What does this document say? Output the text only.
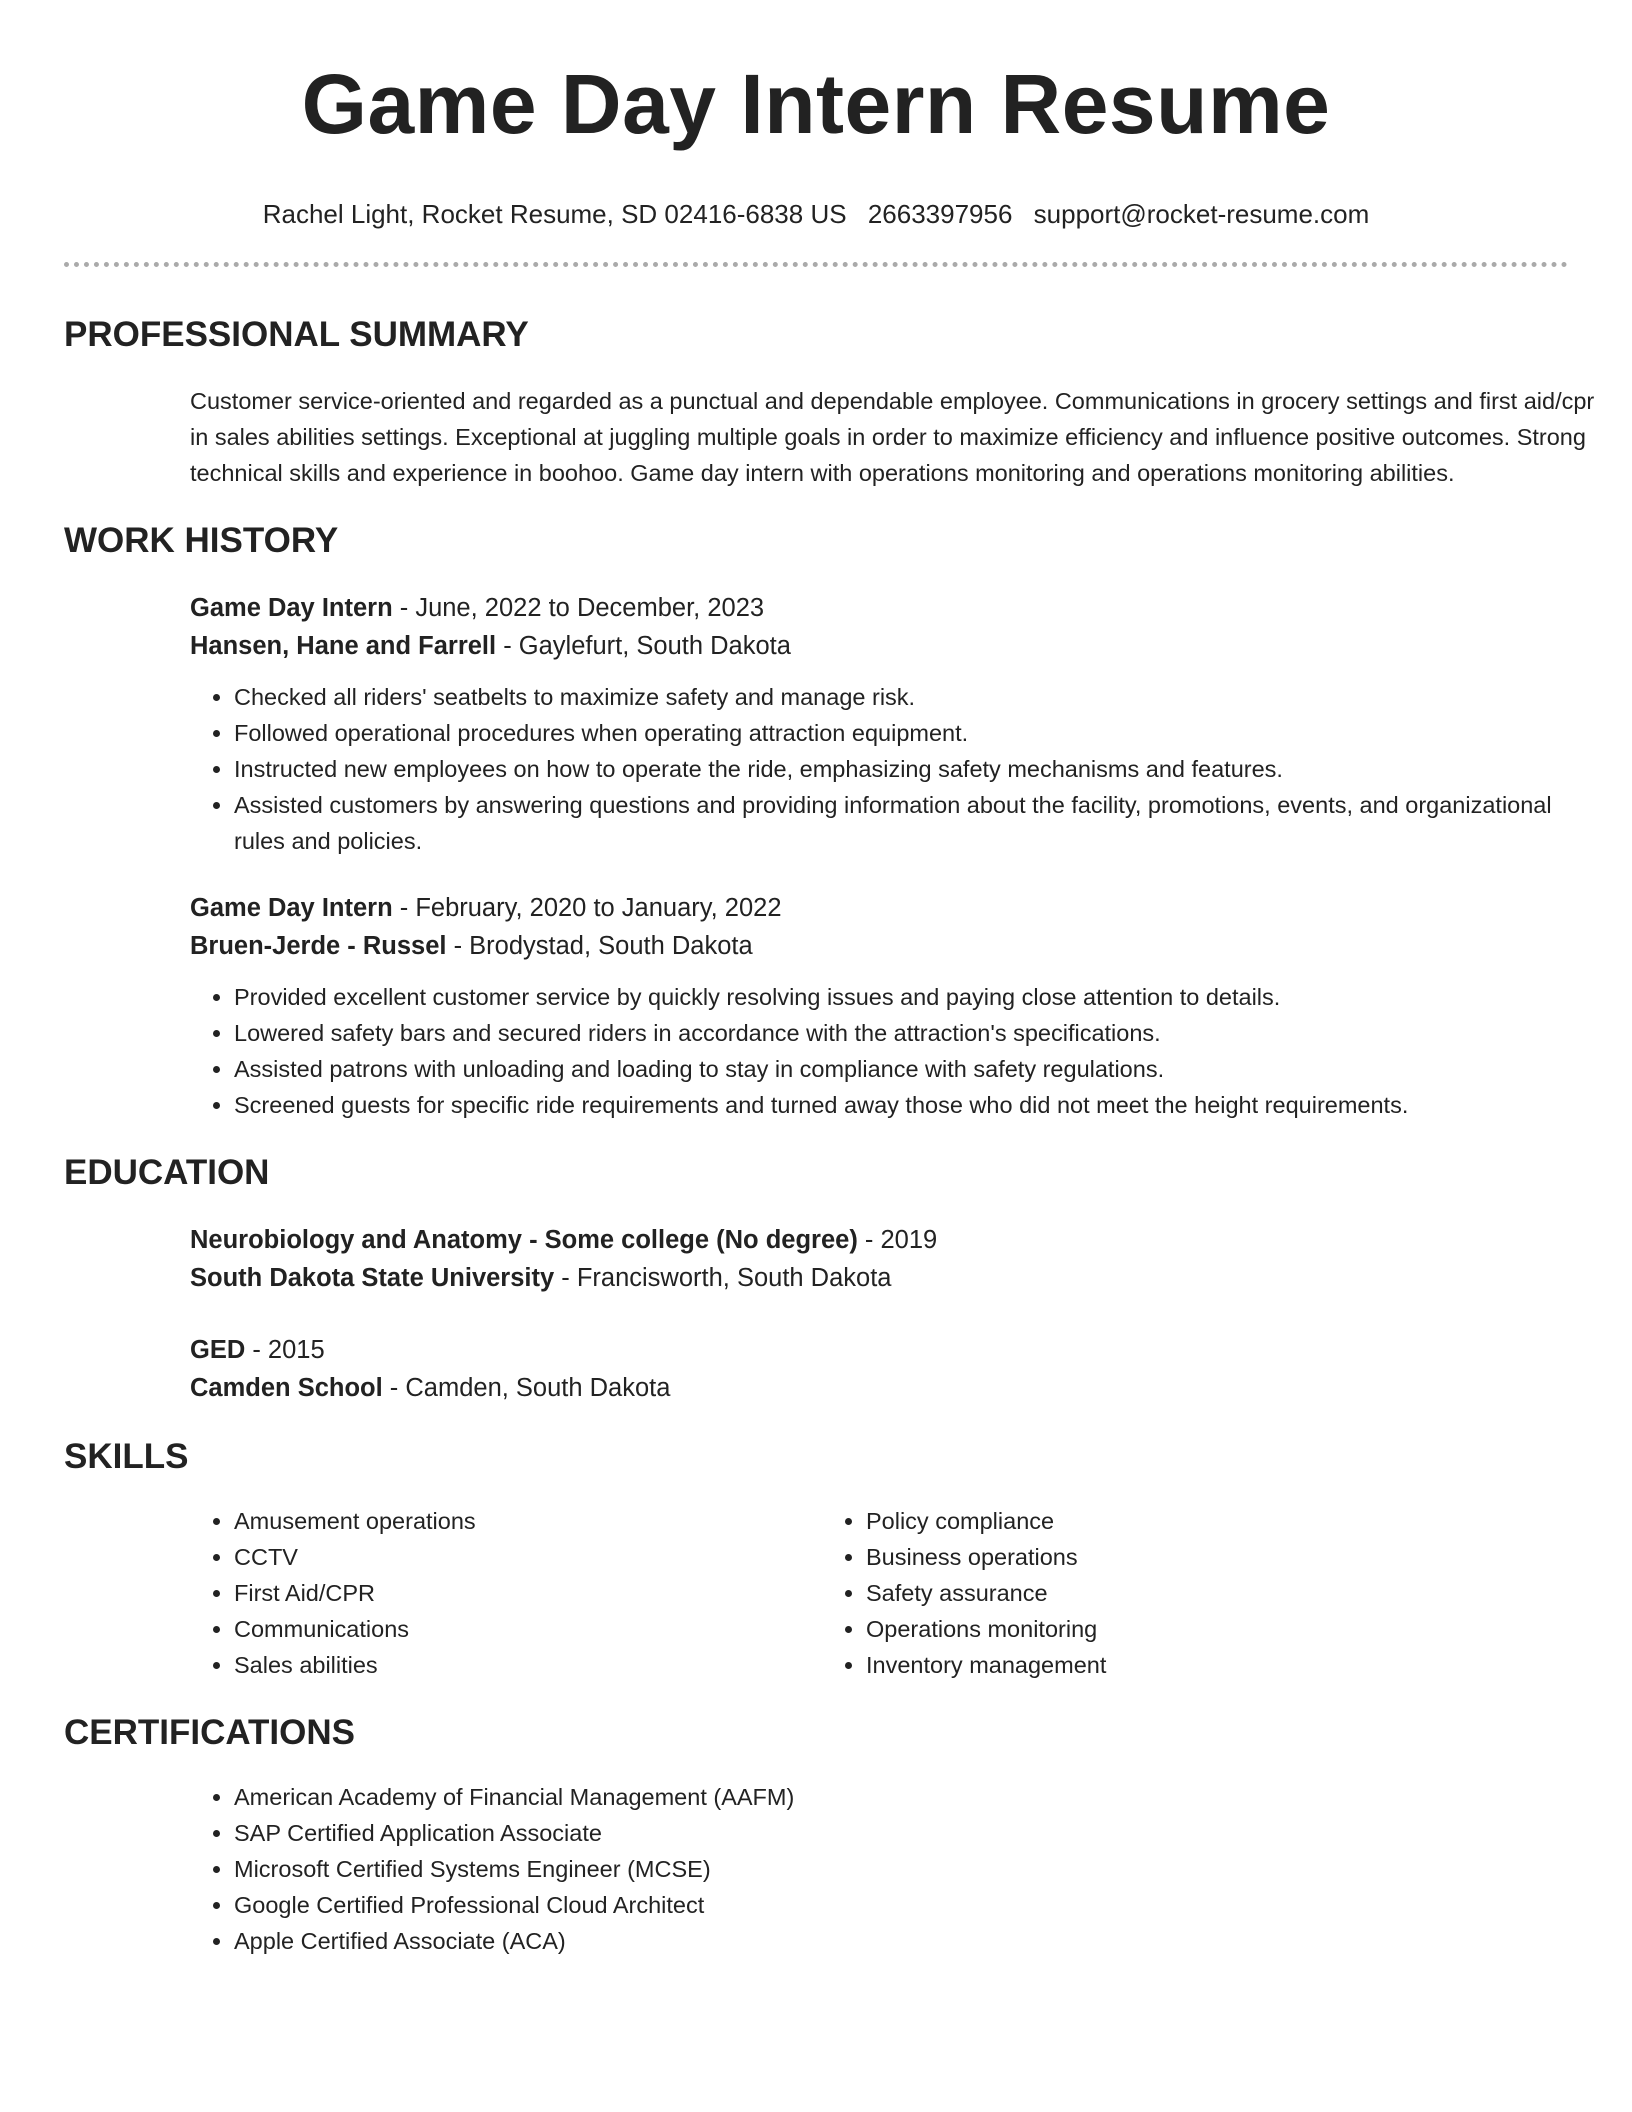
Game Day Intern Resume
Rachel Light, Rocket Resume, SD 02416-6838 US 2663397956 support@rocket-resume.com
PROFESSIONAL SUMMARY

Customer service-oriented and regarded as a punctual and dependable employee. Communications in grocery settings and first aid/cpr in sales abilities settings. Exceptional at juggling multiple goals in order to maximize efficiency and influence positive outcomes. Strong technical skills and experience in boohoo. Game day intern with operations monitoring and operations monitoring abilities.

WORK HISTORY
Game Day Intern - June, 2022 to December, 2023
Hansen, Hane and Farrell - Gaylefurt, South Dakota
• Checked all riders' seatbelts to maximize safety and manage risk.
• Followed operational procedures when operating attraction equipment.
• Instructed new employees on how to operate the ride, emphasizing safety mechanisms and features.
• Assisted customers by answering questions and providing information about the facility, promotions, events, and organizational rules and policies.
Game Day Intern - February, 2020 to January, 2022
Bruen-Jerde - Russel - Brodystad, South Dakota
• Provided excellent customer service by quickly resolving issues and paying close attention to details.
• Lowered safety bars and secured riders in accordance with the attraction's specifications.
• Assisted patrons with unloading and loading to stay in compliance with safety regulations.
• Screened guests for specific ride requirements and turned away those who did not meet the height requirements.
EDUCATION
Neurobiology and Anatomy - Some college (No degree) - 2019
South Dakota State University - Francisworth, South Dakota
GED - 2015
Camden School - Camden, South Dakota
SKILLS
• Amusement operations
• CCTV
• First Aid/CPR
• Communications
• Sales abilities
• Policy compliance
• Business operations
• Safety assurance
• Operations monitoring
• Inventory management
CERTIFICATIONS
• American Academy of Financial Management (AAFM)
• SAP Certified Application Associate
• Microsoft Certified Systems Engineer (MCSE)
• Google Certified Professional Cloud Architect
• Apple Certified Associate (ACA)
